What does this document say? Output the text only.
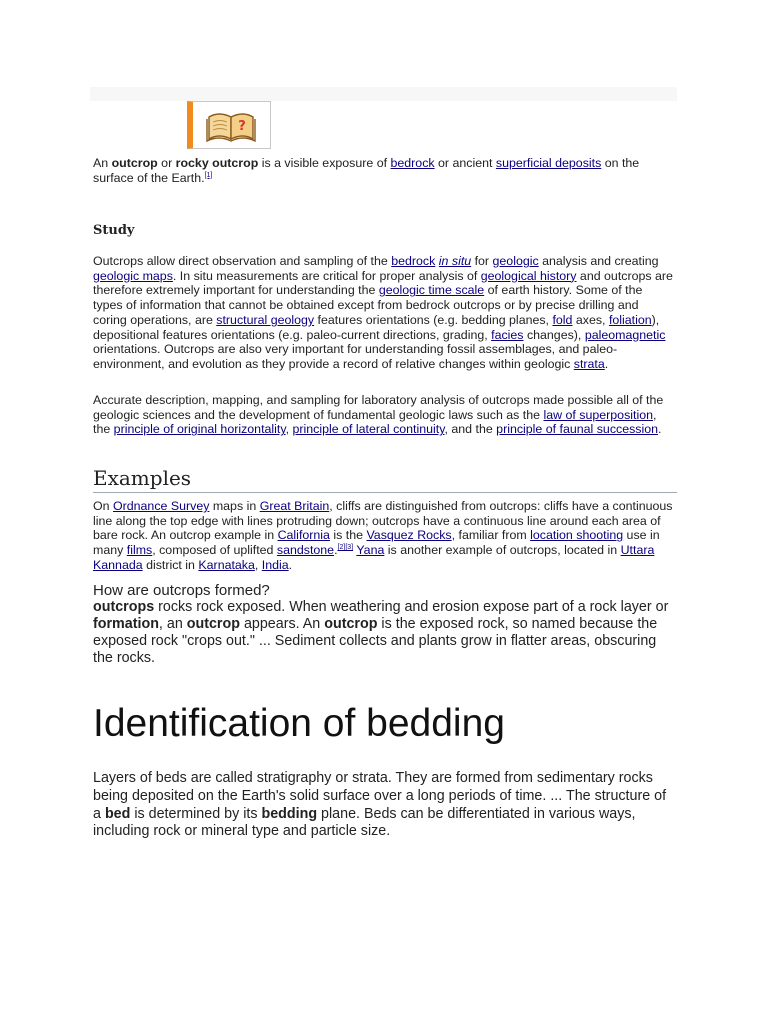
?
An outcrop or rocky outcrop is a visible exposure of bedrock or ancient superficial deposits on the surface of the Earth.[1]
Study
Outcrops allow direct observation and sampling of the bedrock in situ for geologic analysis and creating geologic maps. In situ measurements are critical for proper analysis of geological history and outcrops are therefore extremely important for understanding the geologic time scale of earth history. Some of the types of information that cannot be obtained except from bedrock outcrops or by precise drilling and coring operations, are structural geology features orientations (e.g. bedding planes, fold axes, foliation), depositional features orientations (e.g. paleo-current directions, grading, facies changes), paleomagnetic orientations. Outcrops are also very important for understanding fossil assemblages, and paleo-environment, and evolution as they provide a record of relative changes within geologic strata.
Accurate description, mapping, and sampling for laboratory analysis of outcrops made possible all of the geologic sciences and the development of fundamental geologic laws such as the law of superposition, the principle of original horizontality, principle of lateral continuity, and the principle of faunal succession.
Examples
On Ordnance Survey maps in Great Britain, cliffs are distinguished from outcrops: cliffs have a continuous line along the top edge with lines protruding down; outcrops have a continuous line around each area of bare rock. An outcrop example in California is the Vasquez Rocks, familiar from location shooting use in many films, composed of uplifted sandstone.[2][3] Yana is another example of outcrops, located in Uttara Kannada district in Karnataka, India.
How are outcrops formed?
outcrops rocks rock exposed. When weathering and erosion expose part of a rock layer or formation, an outcrop appears. An outcrop is the exposed rock, so named because the exposed rock "crops out." ... Sediment collects and plants grow in flatter areas, obscuring the rocks.
Identification of bedding
Layers of beds are called stratigraphy or strata. They are formed from sedimentary rocks being deposited on the Earth's solid surface over a long periods of time. ... The structure of a bed is determined by its bedding plane. Beds can be differentiated in various ways, including rock or mineral type and particle size.
